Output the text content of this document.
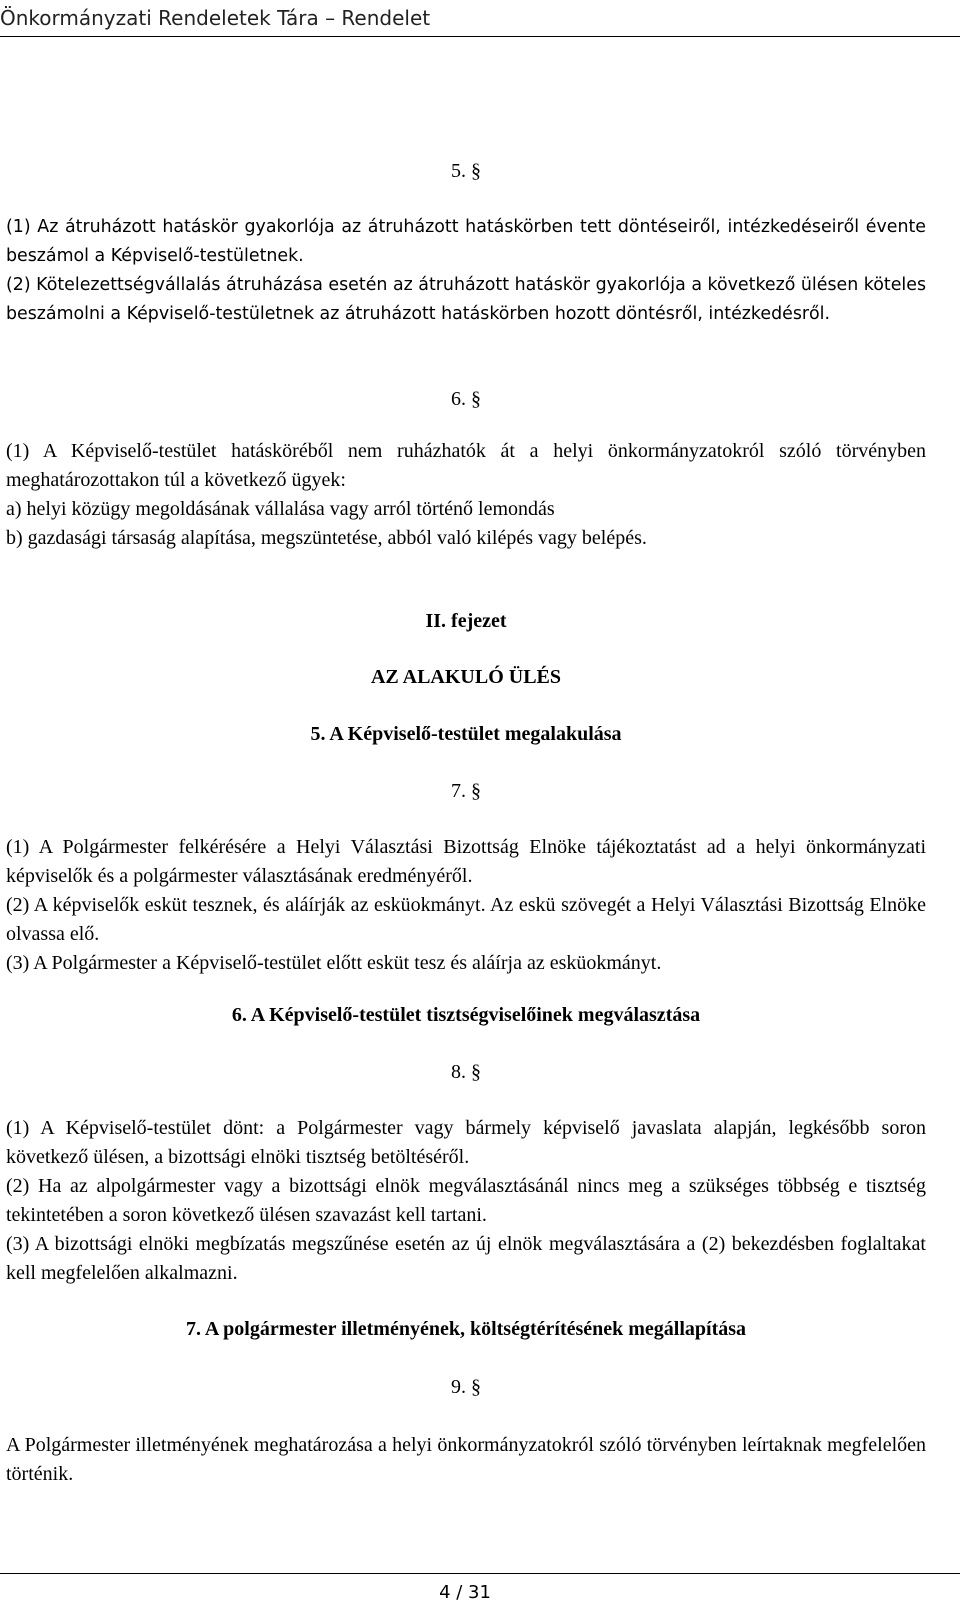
Önkormányzati Rendeletek Tára – Rendelet
5. §

(1) Az átruházott hatáskör gyakorlója az átruházott hatáskörben tett döntéseiről, intézkedéseiről évente beszámol a Képviselő-testületnek.

(2) Kötelezettségvállalás átruházása esetén az átruházott hatáskör gyakorlója a következő ülésen köteles beszámolni a Képviselő-testületnek az átruházott hatáskörben hozott döntésről, intézkedésről.

6. §

(1) A Képviselő-testület hatásköréből nem ruházhatók át a helyi önkormányzatokról szóló törvényben meghatározottakon túl a következő ügyek:

a) helyi közügy megoldásának vállalása vagy arról történő lemondás

b) gazdasági társaság alapítása, megszüntetése, abból való kilépés vagy belépés.

II. fejezet
AZ ALAKULÓ ÜLÉS
5. A Képviselő-testület megalakulása
7. §

(1) A Polgármester felkérésére a Helyi Választási Bizottság Elnöke tájékoztatást ad a helyi önkormányzati képviselők és a polgármester választásának eredményéről.

(2) A képviselők esküt tesznek, és aláírják az esküokmányt. Az eskü szövegét a Helyi Választási Bizottság Elnöke olvassa elő.

(3) A Polgármester a Képviselő-testület előtt esküt tesz és aláírja az esküokmányt.

6. A Képviselő-testület tisztségviselőinek megválasztása
8. §

(1) A Képviselő-testület dönt: a Polgármester vagy bármely képviselő javaslata alapján, legkésőbb soron következő ülésen, a bizottsági elnöki tisztség betöltéséről.

(2) Ha az alpolgármester vagy a bizottsági elnök megválasztásánál nincs meg a szükséges többség e tisztség tekintetében a soron következő ülésen szavazást kell tartani.

(3) A bizottsági elnöki megbízatás megszűnése esetén az új elnök megválasztására a (2) bekezdésben foglaltakat kell megfelelően alkalmazni.

7. A polgármester illetményének, költségtérítésének megállapítása
9. §

A Polgármester illetményének meghatározása a helyi önkormányzatokról szóló törvényben leírtaknak megfelelően történik.

4 / 31
